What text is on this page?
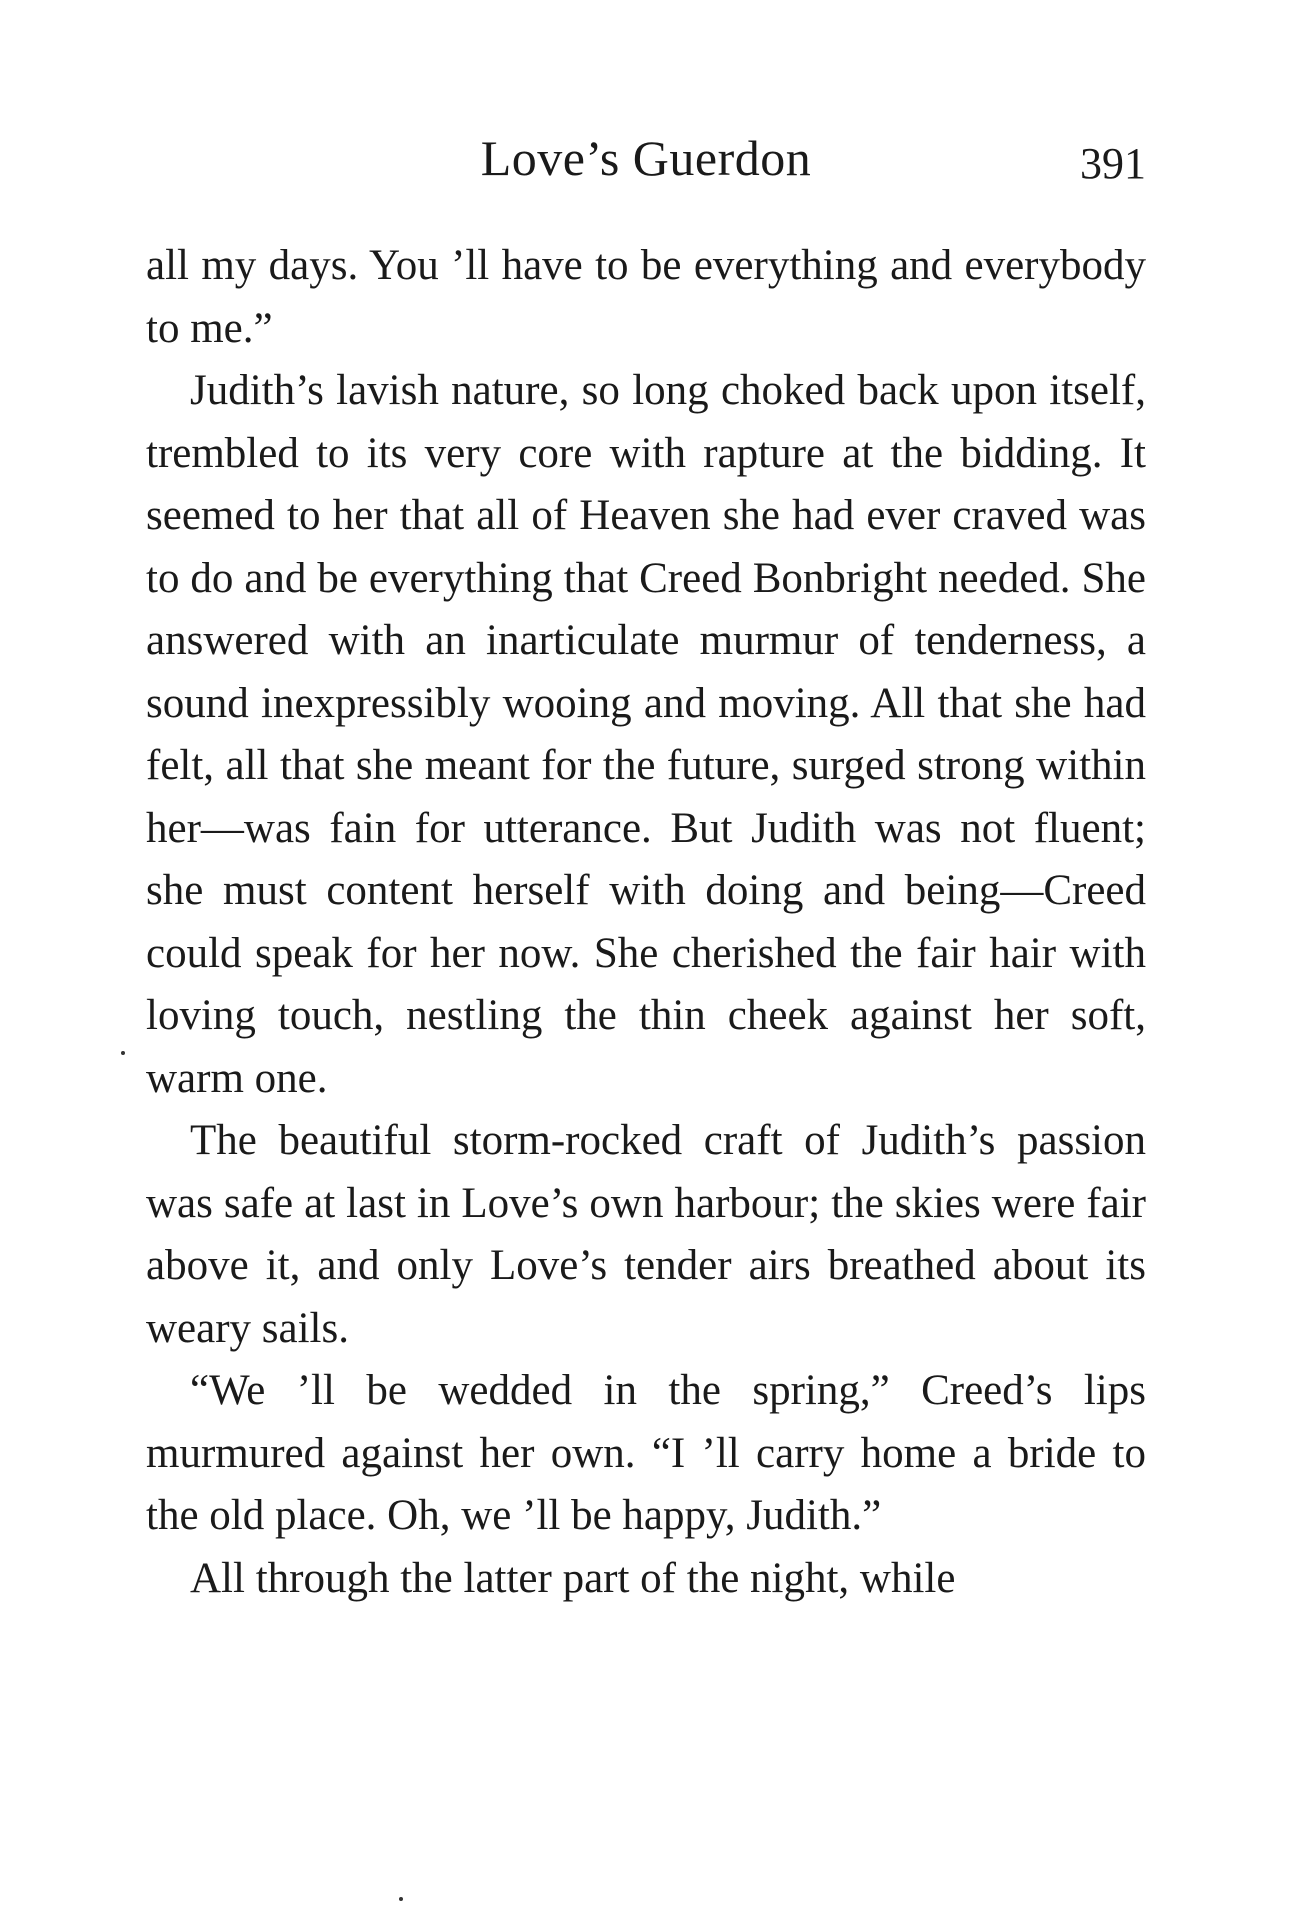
Love’s Guerdon	391

all my days. You ’ll have to be everything and everybody to me.”

Judith’s lavish nature, so long choked back upon itself, trembled to its very core with rapture at the bidding. It seemed to her that all of Heaven she had ever craved was to do and be everything that Creed Bonbright needed. She answered with an inarticulate murmur of tenderness, a sound inexpressibly wooing and moving. All that she had felt, all that she meant for the future, surged strong within her—was fain for utterance. But Judith was not fluent; she must content herself with doing and being—Creed could speak for her now. She cherished the fair hair with loving touch, nestling the thin cheek against her soft, warm one.

The beautiful storm-rocked craft of Judith’s passion was safe at last in Love’s own harbour; the skies were fair above it, and only Love’s tender airs breathed about its weary sails.

“We ’ll be wedded in the spring,” Creed’s lips murmured against her own. “I ’ll carry home a bride to the old place. Oh, we ’ll be happy, Judith.”

All through the latter part of the night, while
